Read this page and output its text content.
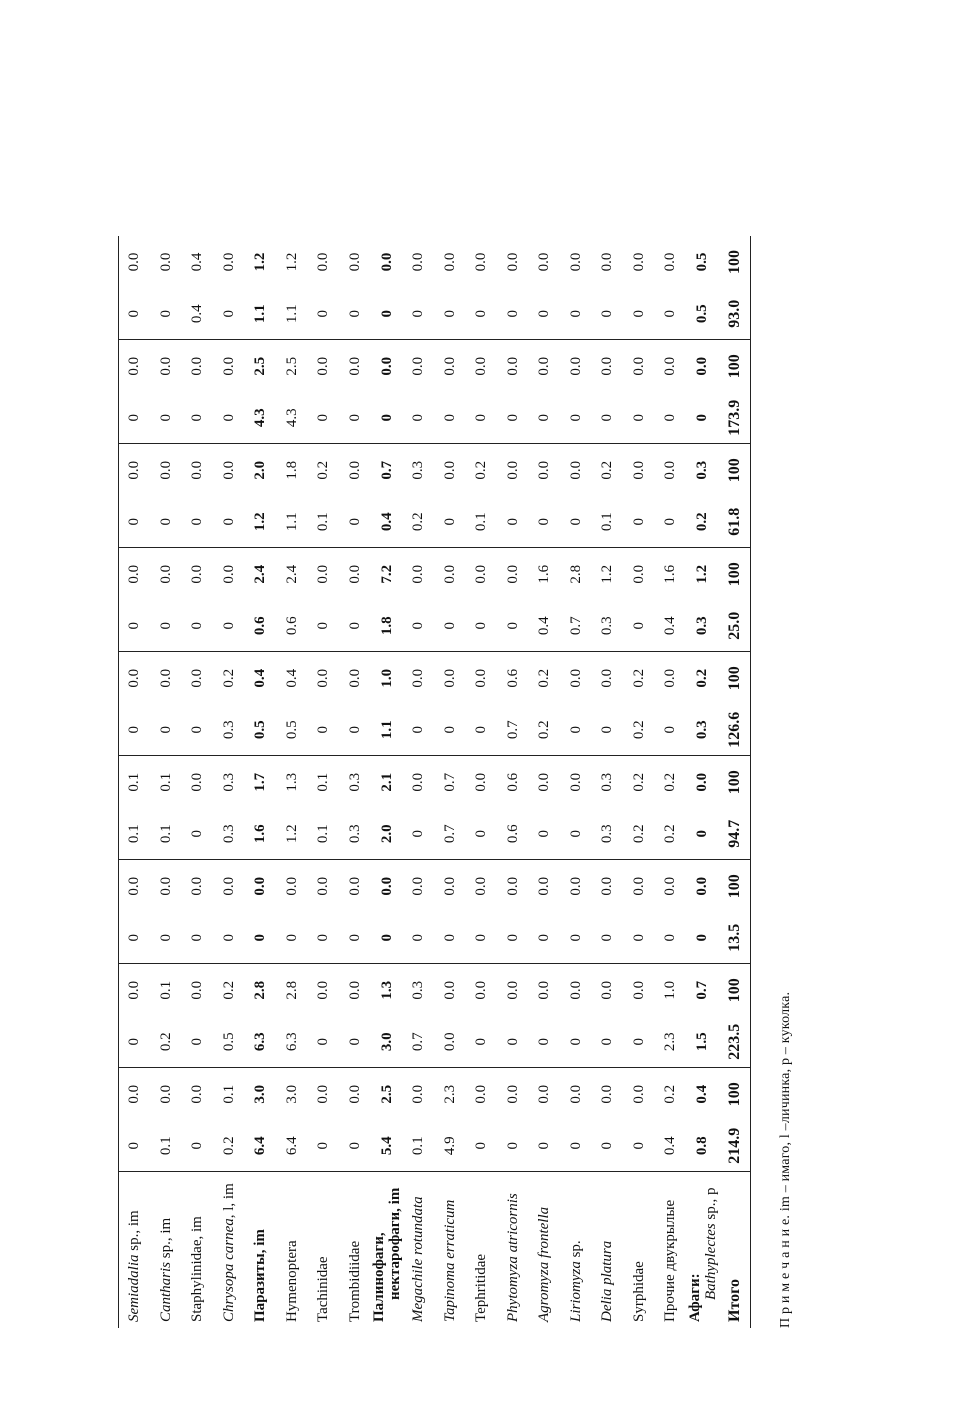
Semiadalia sp., im	0	0.0	0	0.0	0	0.0	0.1	0.1	0	0.0	0	0.0	0	0.0	0	0.0	0	0.0
Cantharis sp., im	0.1	0.0	0.2	0.1	0	0.0	0.1	0.1	0	0.0	0	0.0	0	0.0	0	0.0	0	0.0
Staphylinidae, im	0	0.0	0	0.0	0	0.0	0	0.0	0	0.0	0	0.0	0	0.0	0	0.0	0.4	0.4
Chrysopa carnea, l, im	0.2	0.1	0.5	0.2	0	0.0	0.3	0.3	0.3	0.2	0	0.0	0	0.0	0	0.0	0	0.0
Паразиты, im	6.4	3.0	6.3	2.8	0	0.0	1.6	1.7	0.5	0.4	0.6	2.4	1.2	2.0	4.3	2.5	1.1	1.2
Hymenoptera	6.4	3.0	6.3	2.8	0	0.0	1.2	1.3	0.5	0.4	0.6	2.4	1.1	1.8	4.3	2.5	1.1	1.2
Tachinidae	0	0.0	0	0.0	0	0.0	0.1	0.1	0	0.0	0	0.0	0.1	0.2	0	0.0	0	0.0
Trombidiidae	0	0.0	0	0.0	0	0.0	0.3	0.3	0	0.0	0	0.0	0	0.0	0	0.0	0	0.0
Палинофаги,
нектарофаги, im	5.4	2.5	3.0	1.3	0	0.0	2.0	2.1	1.1	1.0	1.8	7.2	0.4	0.7	0	0.0	0	0.0
Megachile rotundata	0.1	0.0	0.7	0.3	0	0.0	0	0.0	0	0.0	0	0.0	0.2	0.3	0	0.0	0	0.0
Tapinoma erraticum	4.9	2.3	0.0	0.0	0	0.0	0.7	0.7	0	0.0	0	0.0	0	0.0	0	0.0	0	0.0
Tephritidae	0	0.0	0	0.0	0	0.0	0	0.0	0	0.0	0	0.0	0.1	0.2	0	0.0	0	0.0
Phytomyza atricornis	0	0.0	0	0.0	0	0.0	0.6	0.6	0.7	0.6	0	0.0	0	0.0	0	0.0	0	0.0
Agromyza frontella	0	0.0	0	0.0	0	0.0	0	0.0	0.2	0.2	0.4	1.6	0	0.0	0	0.0	0	0.0
Liriomyza sp.	0	0.0	0	0.0	0	0.0	0	0.0	0	0.0	0.7	2.8	0	0.0	0	0.0	0	0.0
Delia platura	0	0.0	0	0.0	0	0.0	0.3	0.3	0	0.0	0.3	1.2	0.1	0.2	0	0.0	0	0.0
Syrphidae	0	0.0	0	0.0	0	0.0	0.2	0.2	0.2	0.2	0	0.0	0	0.0	0	0.0	0	0.0
Прочие двукрылые	0.4	0.2	2.3	1.0	0	0.0	0.2	0.2	0	0.0	0.4	1.6	0	0.0	0	0.0	0	0.0
Афаги:
Bathyplectes sp., p	0.8	0.4	1.5	0.7	0	0.0	0	0.0	0.3	0.2	0.3	1.2	0.2	0.3	0	0.0	0.5	0.5
Итого	214.9	100	223.5	100	13.5	100	94.7	100	126.6	100	25.0	100	61.8	100	173.9	100	93.0	100
П р и м е ч а н и е. im – имаго, l –личинка, p – куколка.
